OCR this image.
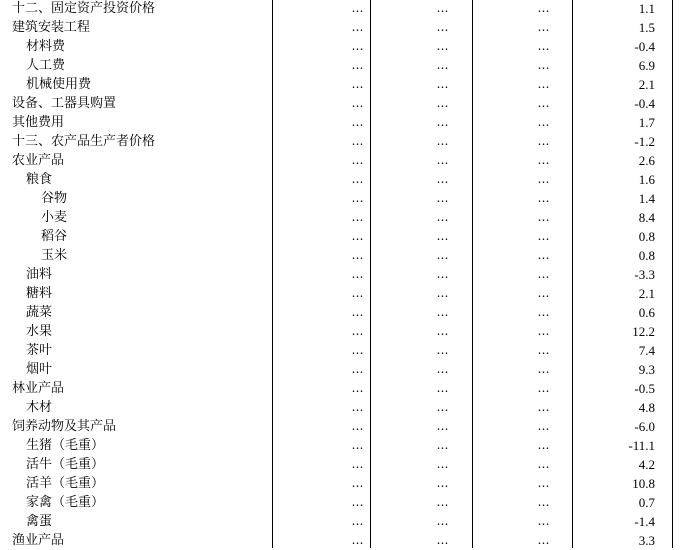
十二、固定资产投资价格	…	…	…	1.1
建筑安装工程	…	…	…	1.5
材料费	…	…	…	-0.4
人工费	…	…	…	6.9
机械使用费	…	…	…	2.1
设备、工器具购置	…	…	…	-0.4
其他费用	…	…	…	1.7
十三、农产品生产者价格	…	…	…	-1.2
农业产品	…	…	…	2.6
粮食	…	…	…	1.6
谷物	…	…	…	1.4
小麦	…	…	…	8.4
稻谷	…	…	…	0.8
玉米	…	…	…	0.8
油料	…	…	…	-3.3
糖料	…	…	…	2.1
蔬菜	…	…	…	0.6
水果	…	…	…	12.2
茶叶	…	…	…	7.4
烟叶	…	…	…	9.3
林业产品	…	…	…	-0.5
木材	…	…	…	4.8
饲养动物及其产品	…	…	…	-6.0
生猪（毛重）	…	…	…	-11.1
活牛（毛重）	…	…	…	4.2
活羊（毛重）	…	…	…	10.8
家禽（毛重）	…	…	…	0.7
禽蛋	…	…	…	-1.4
渔业产品	…	…	…	3.3
